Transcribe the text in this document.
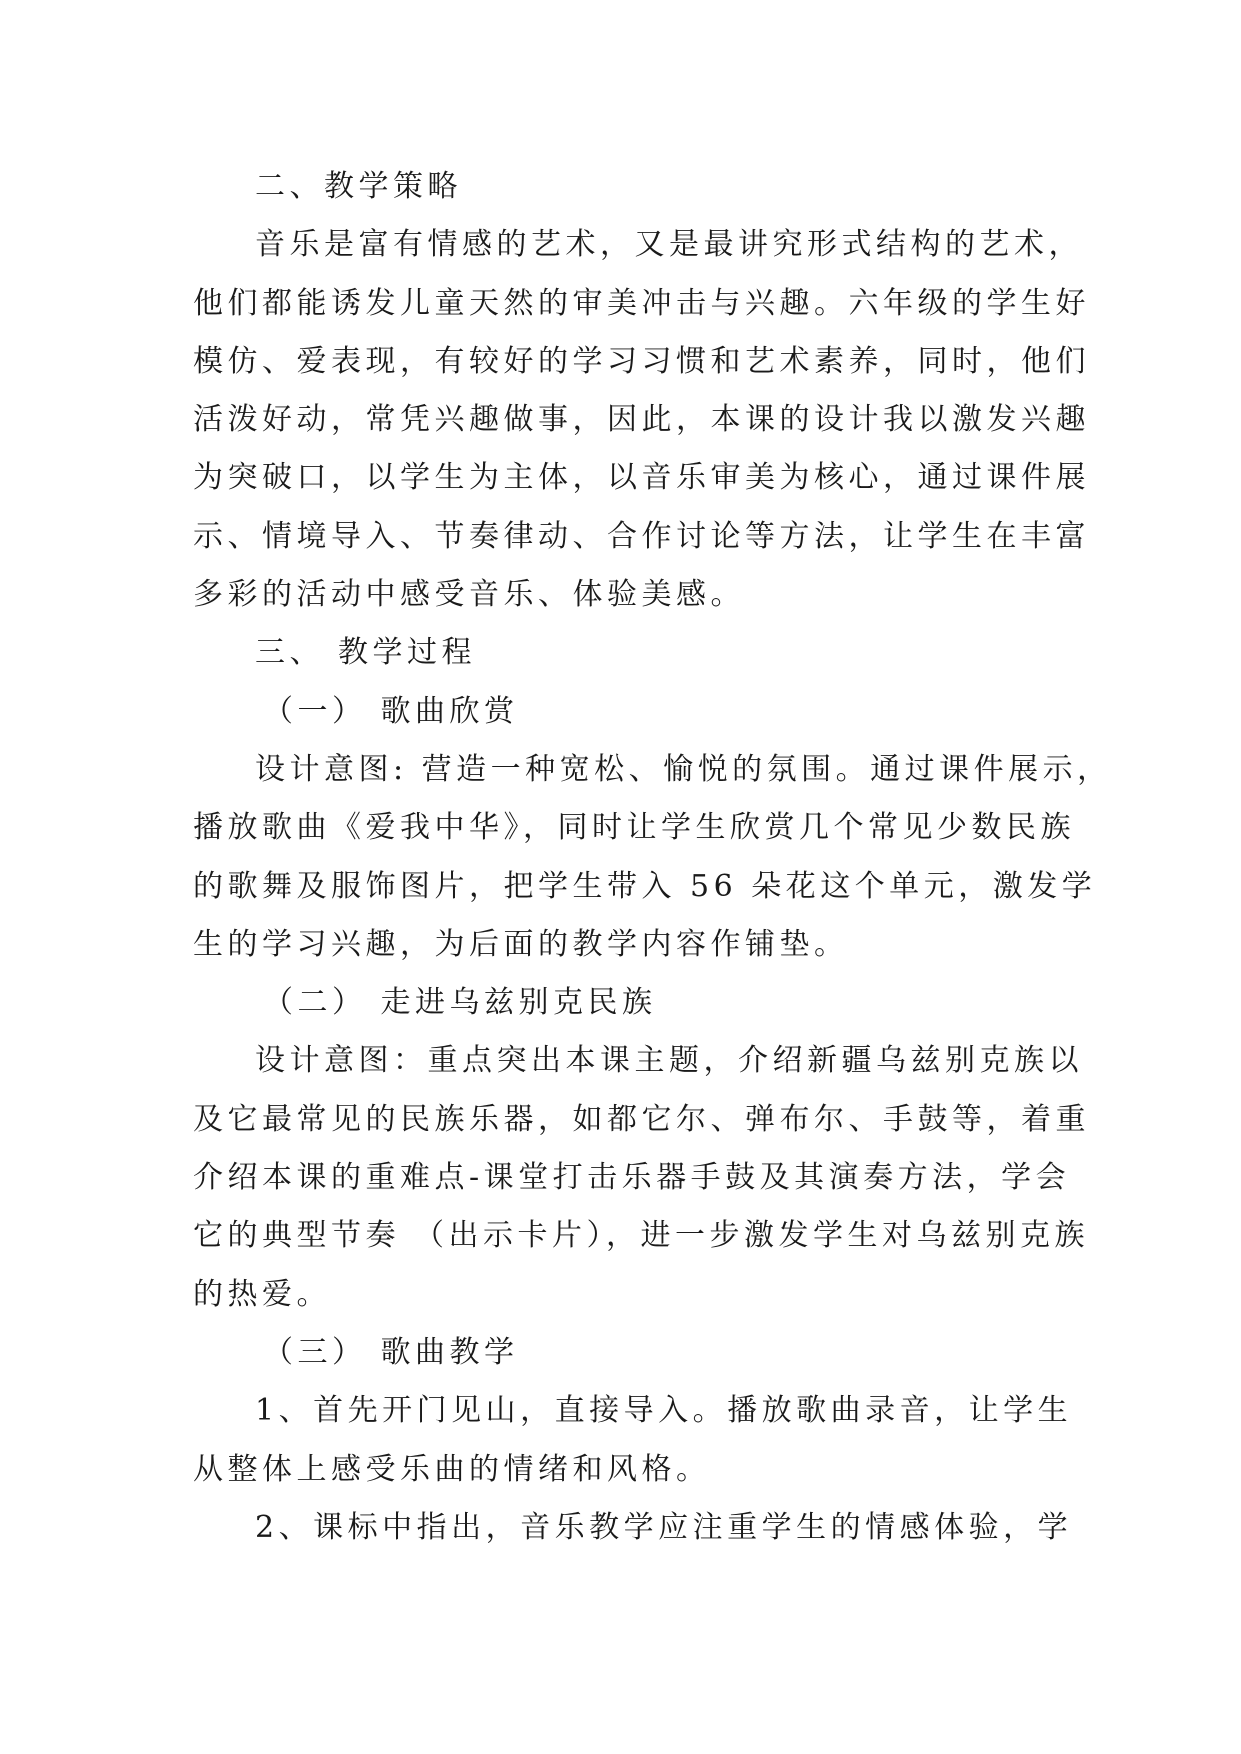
二、教学策略
音乐是富有情感的艺术，又是最讲究形式结构的艺术，
他们都能诱发儿童天然的审美冲击与兴趣。六年级的学生好
模仿、爱表现，有较好的学习习惯和艺术素养，同时，他们
活泼好动，常凭兴趣做事，因此，本课的设计我以激发兴趣
为突破口，以学生为主体，以音乐审美为核心，通过课件展
示、情境导入、节奏律动、合作讨论等方法，让学生在丰富
多彩的活动中感受音乐、体验美感。
三、 教学过程
（一） 歌曲欣赏
设计意图: 营造一种宽松、愉悦的氛围。通过课件展示，
播放歌曲《爱我中华》，同时让学生欣赏几个常见少数民族
的歌舞及服饰图片，把学生带入 56 朵花这个单元，激发学
生的学习兴趣，为后面的教学内容作铺垫。
（二） 走进乌兹别克民族
设计意图：重点突出本课主题，介绍新疆乌兹别克族以
及它最常见的民族乐器，如都它尔、弹布尔、手鼓等，着重
介绍本课的重难点-课堂打击乐器手鼓及其演奏方法，学会
它的典型节奏 （出示卡片），进一步激发学生对乌兹别克族
的热爱。
（三） 歌曲教学
1、首先开门见山，直接导入。播放歌曲录音，让学生
从整体上感受乐曲的情绪和风格。
2、课标中指出，音乐教学应注重学生的情感体验，学
